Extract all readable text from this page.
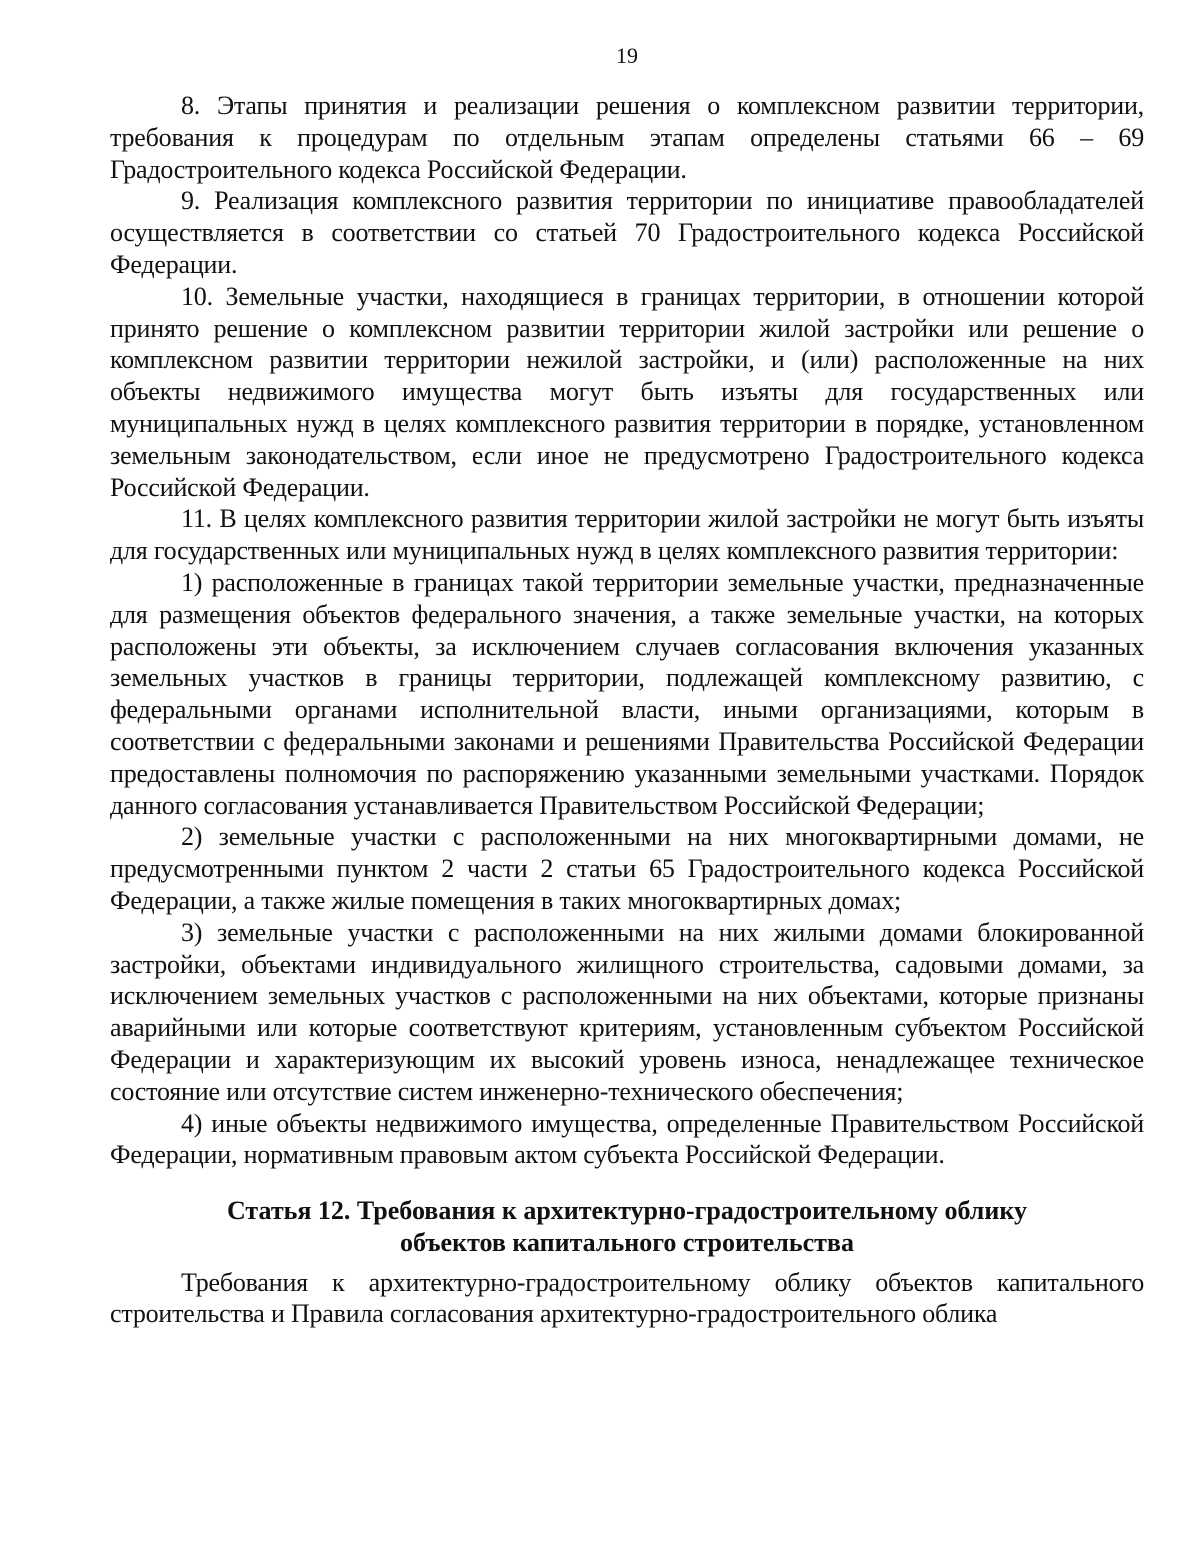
19

8. Этапы принятия и реализации решения о комплексном развитии территории, требования к процедурам по отдельным этапам определены статьями 66 – 69 Градостроительного кодекса Российской Федерации.

9. Реализация комплексного развития территории по инициативе правообладателей осуществляется в соответствии со статьей 70 Градостроительного кодекса Российской Федерации.

10. Земельные участки, находящиеся в границах территории, в отношении которой принято решение о комплексном развитии территории жилой застройки или решение о комплексном развитии территории нежилой застройки, и (или) расположенные на них объекты недвижимого имущества могут быть изъяты для государственных или муниципальных нужд в целях комплексного развития территории в порядке, установленном земельным законодательством, если иное не предусмотрено Градостроительного кодекса Российской Федерации.

11. В целях комплексного развития территории жилой застройки не могут быть изъяты для государственных или муниципальных нужд в целях комплексного развития территории:

1) расположенные в границах такой территории земельные участки, предназначенные для размещения объектов федерального значения, а также земельные участки, на которых расположены эти объекты, за исключением случаев согласования включения указанных земельных участков в границы территории, подлежащей комплексному развитию, с федеральными органами исполнительной власти, иными организациями, которым в соответствии с федеральными законами и решениями Правительства Российской Федерации предоставлены полномочия по распоряжению указанными земельными участками. Порядок данного согласования устанавливается Правительством Российской Федерации;

2) земельные участки с расположенными на них многоквартирными домами, не предусмотренными пунктом 2 части 2 статьи 65 Градостроительного кодекса Российской Федерации, а также жилые помещения в таких многоквартирных домах;

3) земельные участки с расположенными на них жилыми домами блокированной застройки, объектами индивидуального жилищного строительства, садовыми домами, за исключением земельных участков с расположенными на них объектами, которые признаны аварийными или которые соответствуют критериям, установленным субъектом Российской Федерации и характеризующим их высокий уровень износа, ненадлежащее техническое состояние или отсутствие систем инженерно-технического обеспечения;

4) иные объекты недвижимого имущества, определенные Правительством Российской Федерации, нормативным правовым актом субъекта Российской Федерации.

Статья 12. Требования к архитектурно-градостроительному облику
объектов капитального строительства

Требования к архитектурно-градостроительному облику объектов капитального строительства и Правила согласования архитектурно-градостроительного облика
